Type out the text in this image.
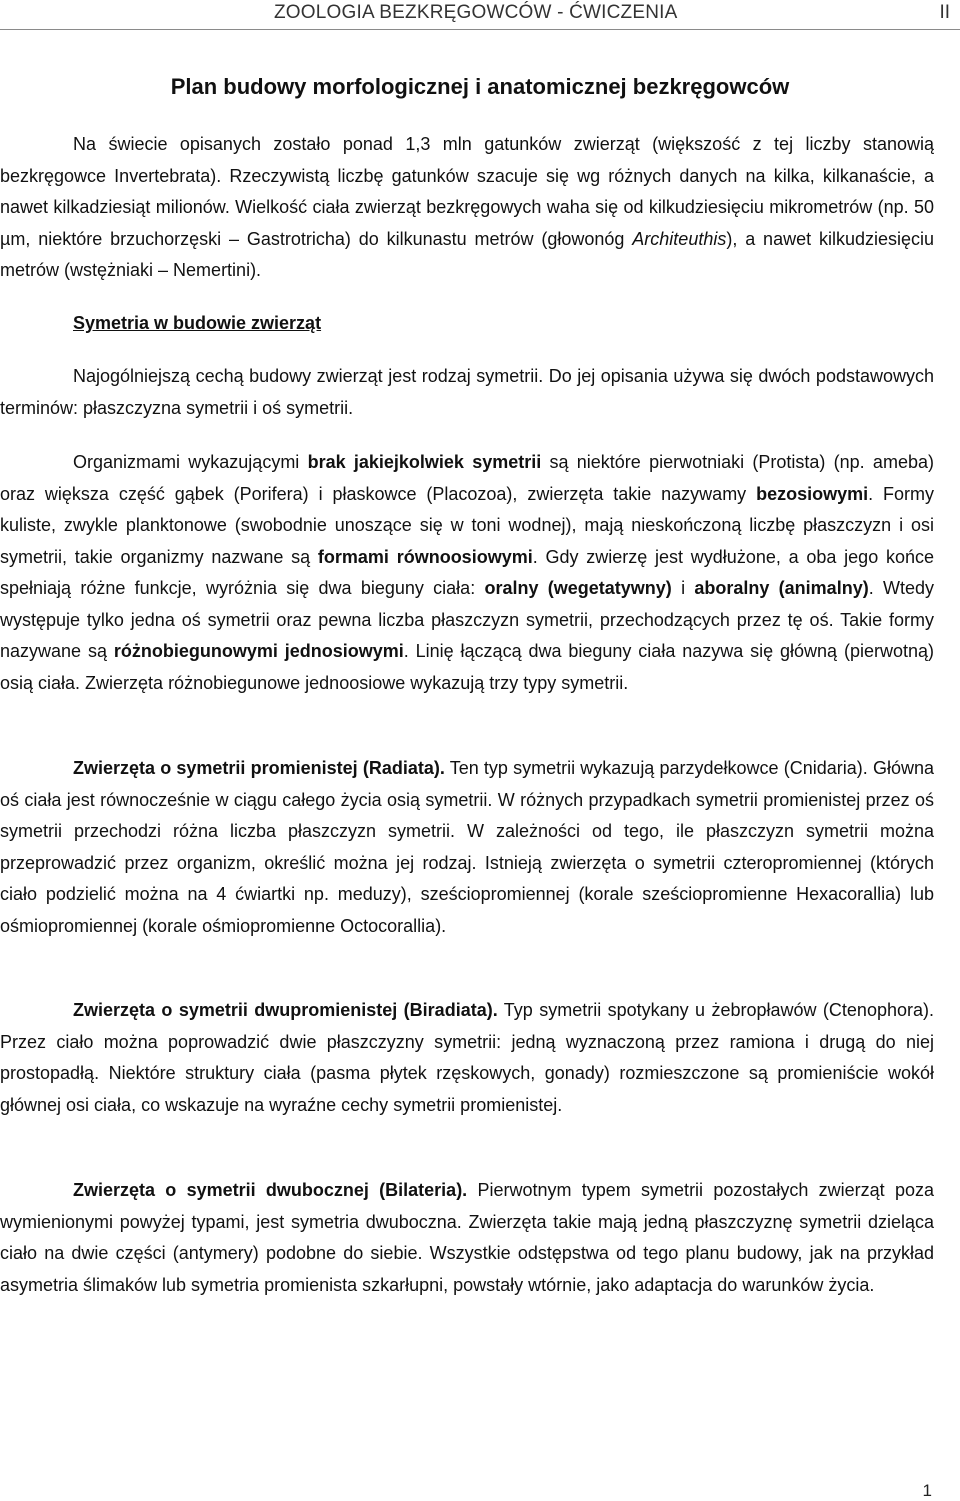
ZOOLOGIA BEZKRĘGOWCÓW - ĆWICZENIA	II
Plan budowy morfologicznej i anatomicznej bezkręgowców

Na świecie opisanych zostało ponad 1,3 mln gatunków zwierząt (większość z tej liczby stanowią bezkręgowce Invertebrata). Rzeczywistą liczbę gatunków szacuje się wg różnych danych na kilka, kilkanaście, a nawet kilkadziesiąt milionów. Wielkość ciała zwierząt bezkręgowych waha się od kilkudziesięciu mikrometrów (np. 50 µm, niektóre brzuchorzęski – Gastrotricha) do kilkunastu metrów (głowonóg Architeuthis), a nawet kilkudziesięciu metrów (wstężniaki – Nemertini).

Symetria w budowie zwierząt

Najogólniejszą cechą budowy zwierząt jest rodzaj symetrii. Do jej opisania używa się dwóch podstawowych terminów: płaszczyzna symetrii i oś symetrii.

Organizmami wykazującymi brak jakiejkolwiek symetrii są niektóre pierwotniaki (Protista) (np. ameba) oraz większa część gąbek (Porifera) i płaskowce (Placozoa), zwierzęta takie nazywamy bezosiowymi. Formy kuliste, zwykle planktonowe (swobodnie unoszące się w toni wodnej), mają nieskończoną liczbę płaszczyzn i osi symetrii, takie organizmy nazwane są formami równoosiowymi. Gdy zwierzę jest wydłużone, a oba jego końce spełniają różne funkcje, wyróżnia się dwa bieguny ciała: oralny (wegetatywny) i aboralny (animalny). Wtedy występuje tylko jedna oś symetrii oraz pewna liczba płaszczyzn symetrii, przechodzących przez tę oś. Takie formy nazywane są różnobiegunowymi jednosiowymi. Linię łączącą dwa bieguny ciała nazywa się główną (pierwotną) osią ciała. Zwierzęta różnobiegunowe jednoosiowe wykazują trzy typy symetrii.

Zwierzęta o symetrii promienistej (Radiata). Ten typ symetrii wykazują parzydełkowce (Cnidaria). Główna oś ciała jest równocześnie w ciągu całego życia osią symetrii. W różnych przypadkach symetrii promienistej przez oś symetrii przechodzi różna liczba płaszczyzn symetrii. W zależności od tego, ile płaszczyzn symetrii można przeprowadzić przez organizm, określić można jej rodzaj. Istnieją zwierzęta o symetrii czteropromiennej (których ciało podzielić można na 4 ćwiartki np. meduzy), sześciopromiennej (korale sześciopromienne Hexacorallia) lub ośmiopromiennej (korale ośmiopromienne Octocorallia).

Zwierzęta o symetrii dwupromienistej (Biradiata). Typ symetrii spotykany u żebropławów (Ctenophora). Przez ciało można poprowadzić dwie płaszczyzny symetrii: jedną wyznaczoną przez ramiona i drugą do niej prostopadłą. Niektóre struktury ciała (pasma płytek rzęskowych, gonady) rozmieszczone są promieniście wokół głównej osi ciała, co wskazuje na wyraźne cechy symetrii promienistej.

Zwierzęta o symetrii dwubocznej (Bilateria). Pierwotnym typem symetrii pozostałych zwierząt poza wymienionymi powyżej typami, jest symetria dwuboczna. Zwierzęta takie mają jedną płaszczyznę symetrii dzieląca ciało na dwie części (antymery) podobne do siebie. Wszystkie odstępstwa od tego planu budowy, jak na przykład asymetria ślimaków lub symetria promienista szkarłupni, powstały wtórnie, jako adaptacja do warunków życia.

1
